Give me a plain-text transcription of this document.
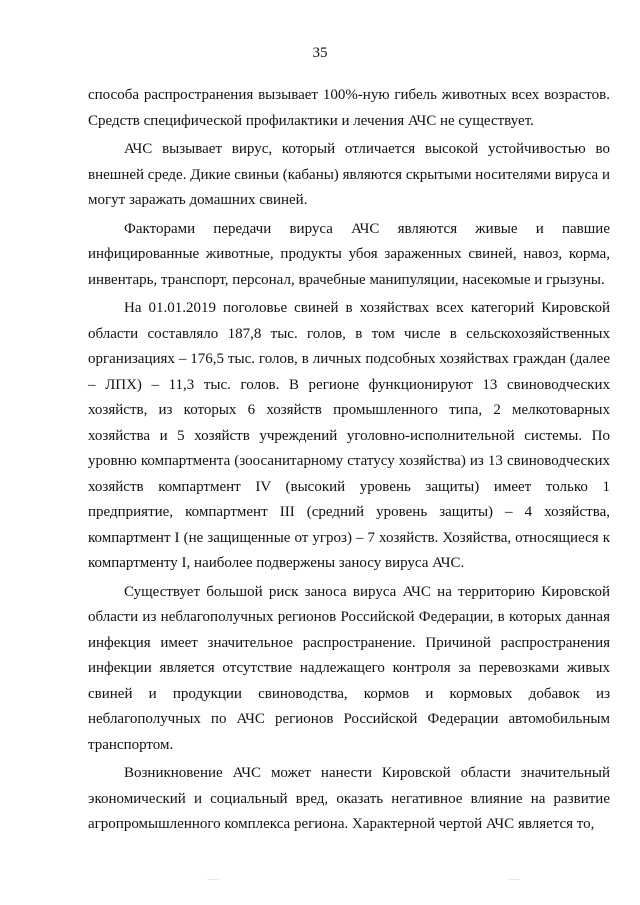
35

способа распространения вызывает 100%-ную гибель животных всех возрастов. Средств специфической профилактики и лечения АЧС не существует.

АЧС вызывает вирус, который отличается высокой устойчивостью во внешней среде. Дикие свиньи (кабаны) являются скрытыми носителями вируса и могут заражать домашних свиней.

Факторами передачи вируса АЧС являются живые и павшие инфицированные животные, продукты убоя зараженных свиней, навоз, корма, инвентарь, транспорт, персонал, врачебные манипуляции, насекомые и грызуны.

На 01.01.2019 поголовье свиней в хозяйствах всех категорий Кировской области составляло 187,8 тыс. голов, в том числе в сельскохозяйственных организациях – 176,5 тыс. голов, в личных подсобных хозяйствах граждан (далее – ЛПХ) – 11,3 тыс. голов. В регионе функционируют 13 свиноводческих хозяйств, из которых 6 хозяйств промышленного типа, 2 мелкотоварных хозяйства и 5 хозяйств учреждений уголовно-исполнительной системы. По уровню компартмента (зоосанитарному статусу хозяйства) из 13 свиноводческих хозяйств компартмент IV (высокий уровень защиты) имеет только 1 предприятие, компартмент III (средний уровень защиты) – 4 хозяйства, компартмент I (не защищенные от угроз) – 7 хозяйств. Хозяйства, относящиеся к компартменту I, наиболее подвержены заносу вируса АЧС.

Существует большой риск заноса вируса АЧС на территорию Кировской области из неблагополучных регионов Российской Федерации, в которых данная инфекция имеет значительное распространение. Причиной распространения инфекции является отсутствие надлежащего контроля за перевозками живых свиней и продукции свиноводства, кормов и кормовых добавок из неблагополучных по АЧС регионов Российской Федерации автомобильным транспортом.

Возникновение АЧС может нанести Кировской области значительный экономический и социальный вред, оказать негативное влияние на развитие агропромышленного комплекса региона. Характерной чертой АЧС является то,

———	———
